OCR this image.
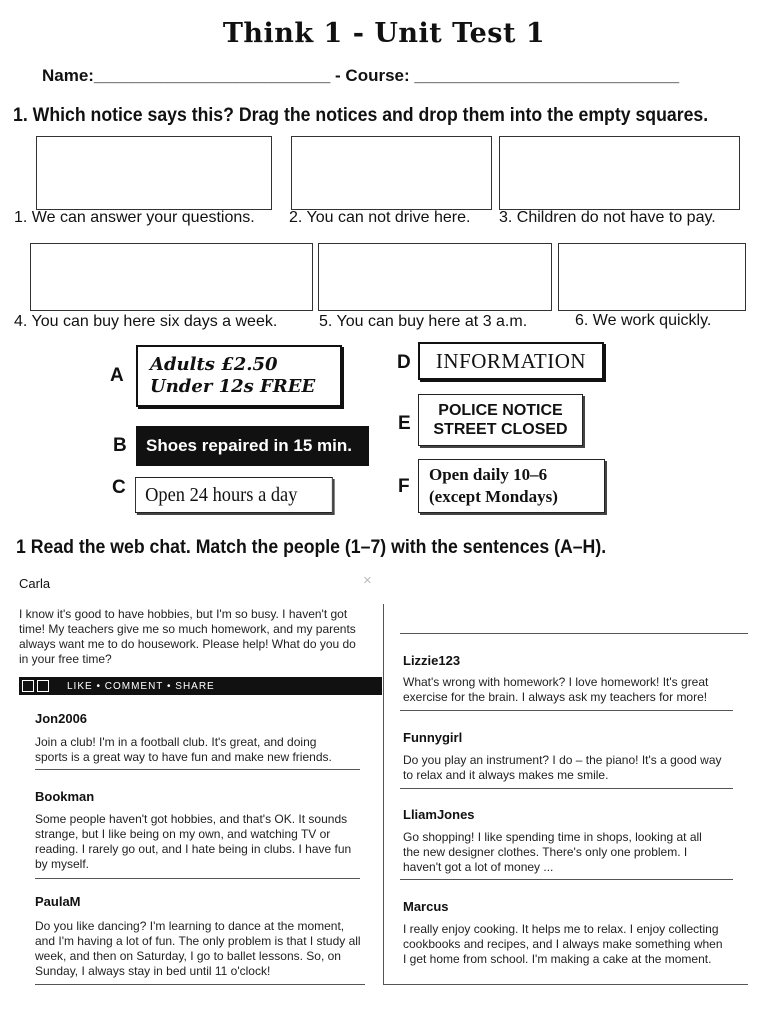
Think 1 - Unit Test 1
Name:_________________________ - Course: ____________________________
1. Which notice says this? Drag the notices and drop them into the empty squares.
1. We can answer your questions. 2. You can not drive here. 3. Children do not have to pay.
4. You can buy here six days a week.	5. You can buy here at 3 a.m.	6. We work quickly.
A
Adults £2.50
Under 12s FREE
B Shoes repaired in 15 min.
C Open 24 hours a day
D	INFORMATION
E
POLICE NOTICE
STREET CLOSED
F
Open daily 10–6
(except Mondays)
1 Read the web chat. Match the people (1–7) with the sentences (A–H).
Carla	×
I know it's good to have hobbies, but I'm so busy. I haven't got time! My teachers give me so much homework, and my parents always want me to do housework. Please help! What do you do in your free time?
LIKE • COMMENT • SHARE
Jon2006
Join a club! I'm in a football club. It's great, and doing sports is a great way to have fun and make new friends.
Bookman
Some people haven't got hobbies, and that's OK. It sounds strange, but I like being on my own, and watching TV or reading. I rarely go out, and I hate being in clubs. I have fun by myself.
PaulaM
Do you like dancing? I'm learning to dance at the moment, and I'm having a lot of fun. The only problem is that I study all week, and then on Saturday, I go to ballet lessons. So, on Sunday, I always stay in bed until 11 o'clock!
Lizzie123
What's wrong with homework? I love homework! It's great exercise for the brain. I always ask my teachers for more!
Funnygirl
Do you play an instrument? I do – the piano! It's a good way to relax and it always makes me smile.
LliamJones
Go shopping! I like spending time in shops, looking at all the new designer clothes. There's only one problem. I haven't got a lot of money ...
Marcus
I really enjoy cooking. It helps me to relax. I enjoy collecting cookbooks and recipes, and I always make something when I get home from school. I'm making a cake at the moment.
